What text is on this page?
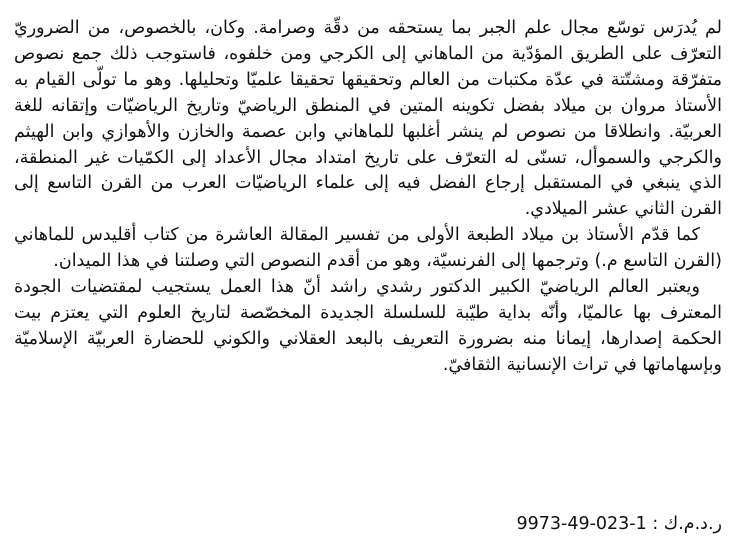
لم يُدرَس توسّع مجال علم الجبر بما يستحقه من دقّة وصرامة. وكان، بالخصوص، من الضروريّ التعرّف على الطريق المؤدّية من الماهاني إلى الكرجي ومن خلفوه، فاستوجب ذلك جمع نصوص متفرّقة ومشتّتة في عدّة مكتبات من العالم وتحقيقها تحقيقا علميّا وتحليلها. وهو ما تولّى القيام به الأستاذ مروان بن ميلاد بفضل تكوينه المتين في المنطق الرياضيّ وتاريخ الرياضيّات وإتقانه للغة العربيّة. وانطلاقا من نصوص لم ينشر أغلبها للماهاني وابن عصمة والخازن والأهوازي وابن الهيثم والكرجي والسموأل، تسنّى له التعرّف على تاريخ امتداد مجال الأعداد إلى الكمّيات غير المنطقة، الذي ينبغي في المستقبل إرجاع الفضل فيه إلى علماء الرياضيّات العرب من القرن التاسع إلى القرن الثاني عشر الميلادي.

كما قدّم الأستاذ بن ميلاد الطبعة الأولى من تفسير المقالة العاشرة من كتاب أقليدس للماهاني (القرن التاسع م.) وترجمها إلى الفرنسيّة، وهو من أقدم النصوص التي وصلتنا في هذا الميدان.

ويعتبر العالم الرياضيّ الكبير الدكتور رشدي راشد أنّ هذا العمل يستجيب لمقتضيات الجودة المعترف بها عالميّا، وأنّه بداية طيّبة للسلسلة الجديدة المخصّصة لتاريخ العلوم التي يعتزم بيت الحكمة إصدارها، إيمانا منه بضرورة التعريف بالبعد العقلاني والكوني للحضارة العربيّة الإسلاميّة وبإسهاماتها في تراث الإنسانية الثقافيّ.

ر.د.م.ك : 9973-49-023-1
